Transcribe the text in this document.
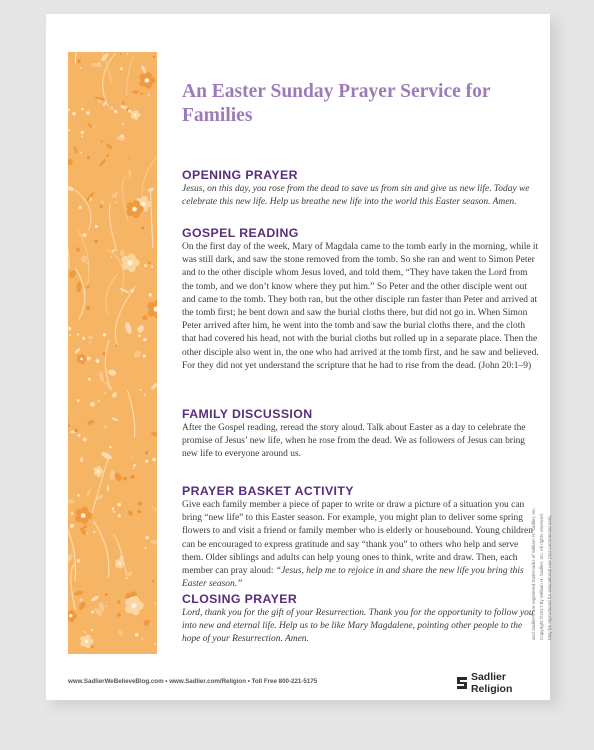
An Easter Sunday Prayer Service for Families
OPENING PRAYER

Jesus, on this day, you rose from the dead to save us from sin and give us new life. Today we celebrate this new life. Help us breathe new life into the world this Easter season. Amen.

GOSPEL READING

On the first day of the week, Mary of Magdala came to the tomb early in the morning, while it was still dark, and saw the stone removed from the tomb. So she ran and went to Simon Peter and to the other disciple whom Jesus loved, and told them, “They have taken the Lord from the tomb, and we don’t know where they put him.” So Peter and the other disciple went out and came to the tomb. They both ran, but the other disciple ran faster than Peter and arrived at the tomb first; he bent down and saw the burial cloths there, but did not go in. When Simon Peter arrived after him, he went into the tomb and saw the burial cloths there, and the cloth that had covered his head, not with the burial cloths but rolled up in a separate place. Then the other disciple also went in, the one who had arrived at the tomb first, and he saw and believed. For they did not yet understand the scripture that he had to rise from the dead. (John 20:1–9)

FAMILY DISCUSSION

After the Gospel reading, reread the story aloud. Talk about Easter as a day to celebrate the promise of Jesus’ new life, when he rose from the dead. We as followers of Jesus can bring new life to everyone around us.

PRAYER BASKET ACTIVITY

Give each family member a piece of paper to write or draw a picture of a situation you can bring “new life” to this Easter season. For example, you might plan to deliver some spring flowers to and visit a friend or family member who is elderly or housebound. Young children can be encouraged to express gratitude and say “thank you” to others who help and serve them. Older siblings and adults can help young ones to think, write and draw. Then, each member can pray aloud: “Jesus, help me to rejoice in and share the new life you bring this Easter season.”

CLOSING PRAYER

Lord, thank you for the gift of your Resurrection. Thank you for the opportunity to follow you into new and eternal life. Help us to be like Mary Magdalene, pointing other people to the hope of your Resurrection. Amen.

www.SadlierWeBelieveBlog.com • www.Sadlier.com/Religion • Toll Free 800-221-5175	Sadlier Religion
and Sadlier® are registered trademarks of William H. Sadlier, Inc. Copyright ©2017 by William H. Sadlier, Inc. All rights reserved. May be reproduced for educational use (not commercial use).
